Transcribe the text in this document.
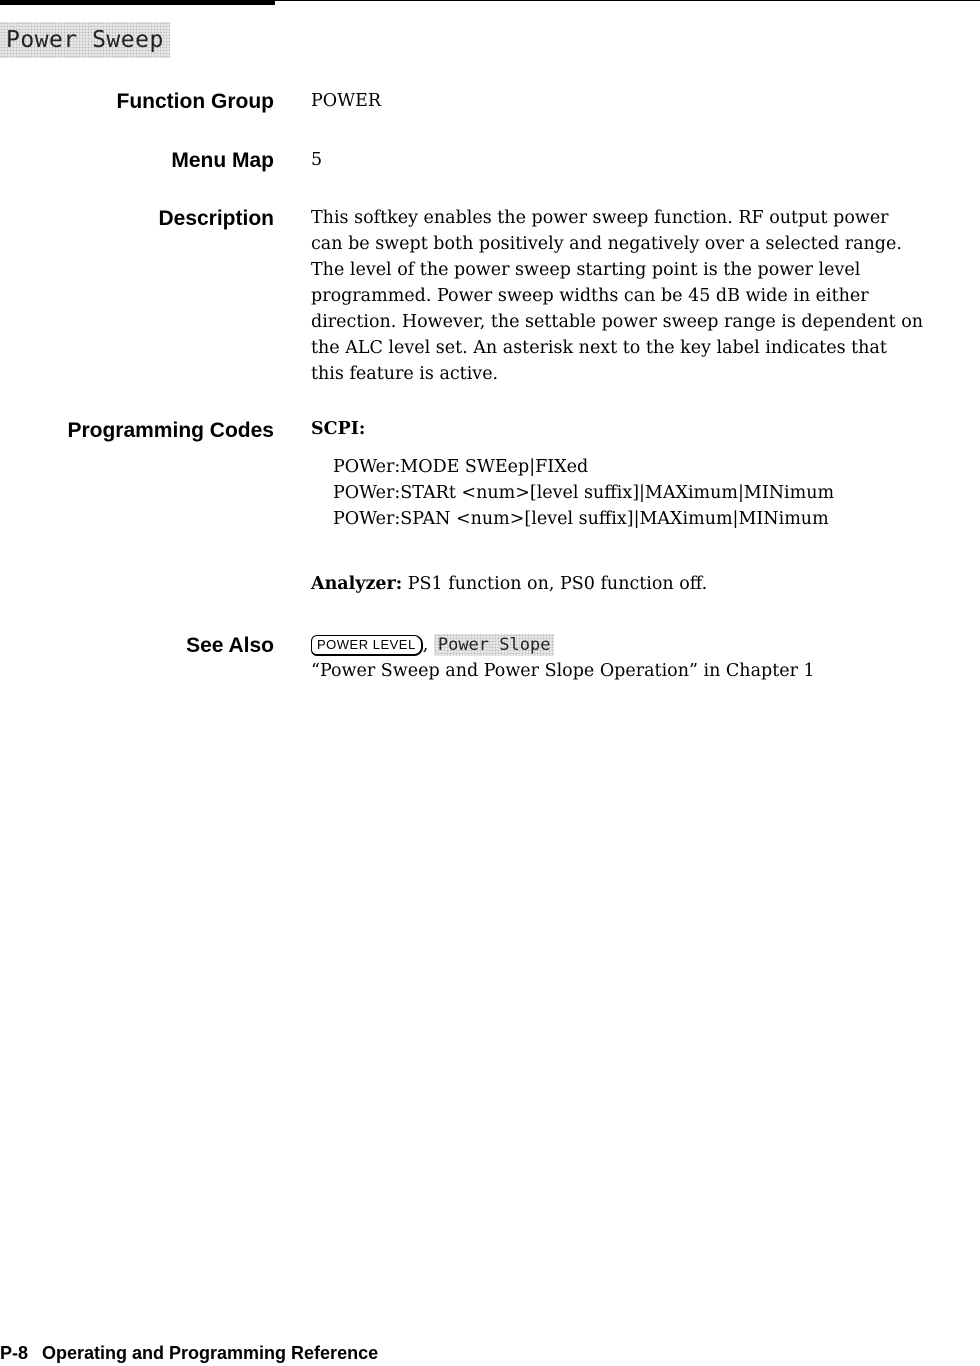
Power Sweep
Function Group POWER
Menu Map 5
Description This softkey enables the power sweep function. RF output power
can be swept both positively and negatively over a selected range.
The level of the power sweep starting point is the power level
programmed. Power sweep widths can be 45 dB wide in either
direction. However, the settable power sweep range is dependent on
the ALC level set. An asterisk next to the key label indicates that
this feature is active.
Programming Codes SCPI:
POWer:MODE SWEep|FIXed
POWer:STARt <num>[level suffix]|MAXimum|MINimum
POWer:SPAN <num>[level suffix]|MAXimum|MINimum
Analyzer: PS1 function on, PS0 function off.
See Also	POWER LEVEL , Power Slope
“Power Sweep and Power Slope Operation” in Chapter 1
P-8 Operating and Programming Reference
